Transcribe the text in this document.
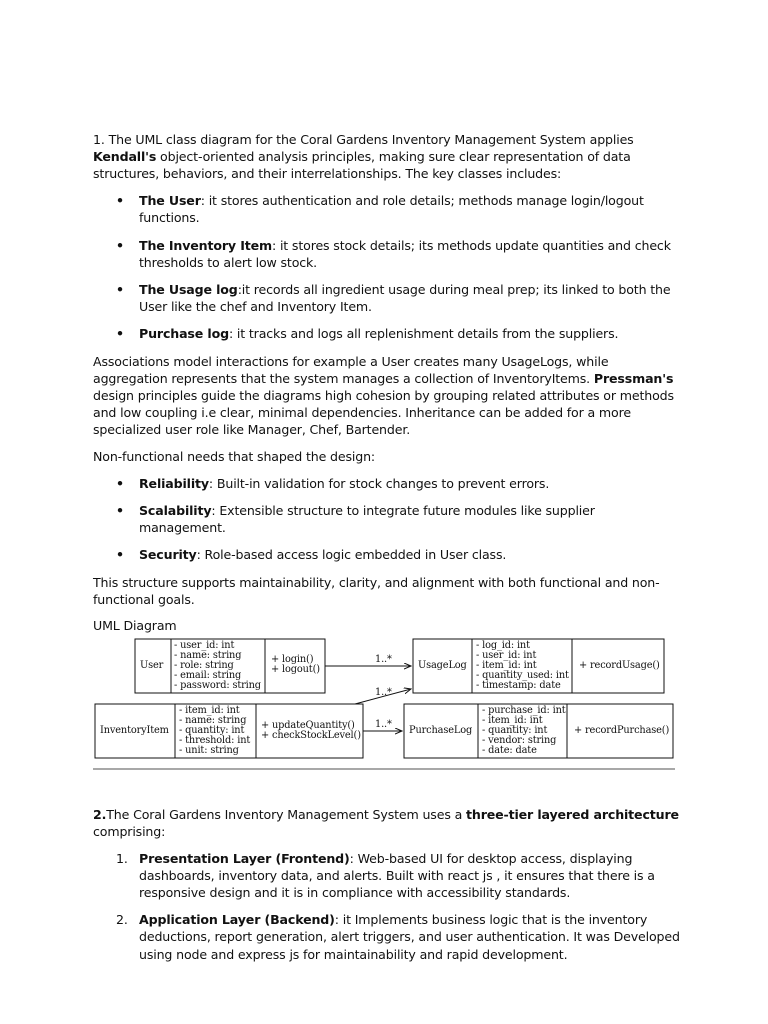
1. The UML class diagram for the Coral Gardens Inventory Management System applies Kendall's object-oriented analysis principles, making sure clear representation of data structures, behaviors, and their interrelationships. The key classes includes:

• The User: it stores authentication and role details; methods manage login/logout functions.
• The Inventory Item: it stores stock details; its methods update quantities and check thresholds to alert low stock.
• The Usage log:it records all ingredient usage during meal prep; its linked to both the User like the chef and Inventory Item.
• Purchase log: it tracks and logs all replenishment details from the suppliers.

Associations model interactions for example a User creates many UsageLogs, while aggregation represents that the system manages a collection of InventoryItems. Pressman's design principles guide the diagrams high cohesion by grouping related attributes or methods and low coupling i.e clear, minimal dependencies. Inheritance can be added for a more specialized user role like Manager, Chef, Bartender.

Non-functional needs that shaped the design:

• Reliability: Built-in validation for stock changes to prevent errors.
• Scalability: Extensible structure to integrate future modules like supplier management.
• Security: Role-based access logic embedded in User class.

This structure supports maintainability, clarity, and alignment with both functional and non-functional goals.

UML Diagram

User
- user_id: int
- name: string
- role: string
- email: string
- password: string
+ login()
+ logout()	UsageLog
- log_id: int
- user_id: int
- item_id: int
- quantity_used: int
- timestamp: date
+ recordUsage()
InventoryItem
- item_id: int
- name: string
- quantity: int
- threshold: int
- unit: string
+ updateQuantity()
+ checkStockLevel()	PurchaseLog
- purchase_id: int
- item_id: int
- quantity: int
- vendor: string
- date: date
+ recordPurchase()
1..*
1..*
1..*

2.The Coral Gardens Inventory Management System uses a three-tier layered architecture comprising:

1. Presentation Layer (Frontend): Web-based UI for desktop access, displaying dashboards, inventory data, and alerts. Built with react js , it ensures that there is a responsive design and it is in compliance with accessibility standards.
2. Application Layer (Backend): it Implements business logic that is the inventory deductions, report generation, alert triggers, and user authentication. It was Developed using node and express js for maintainability and rapid development.
